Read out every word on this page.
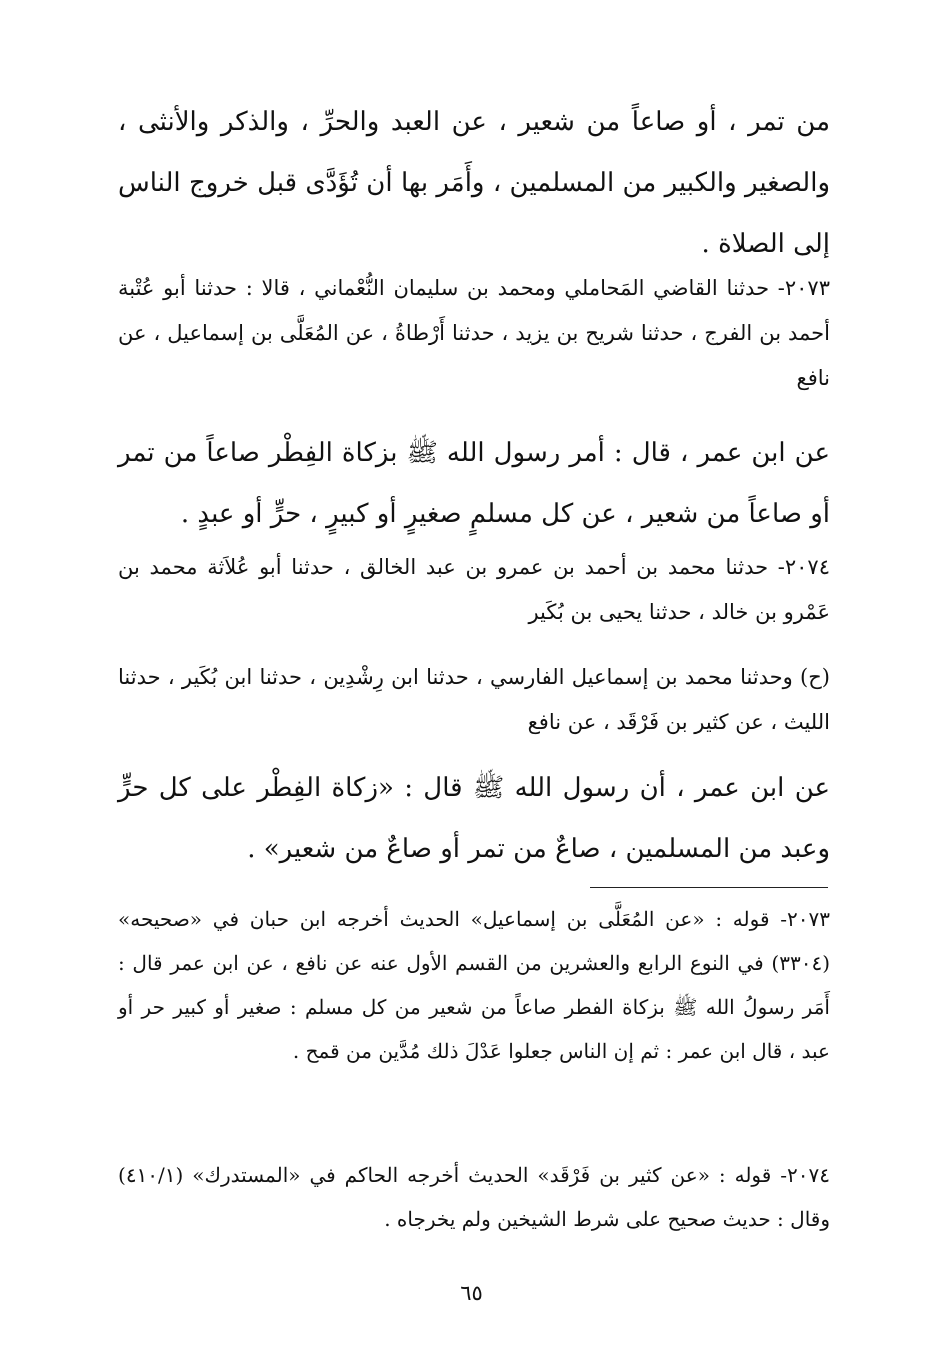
من تمر ، أو صاعاً من شعير ، عن العبد والحرِّ ، والذكر والأنثى ، والصغير والكبير من المسلمين ، وأَمَر بها أن تُؤَدَّى قبل خروج الناس إلى الصلاة .

٢٠٧٣- حدثنا القاضي المَحاملي ومحمد بن سليمان النُّعْماني ، قالا : حدثنا أبو عُتْبة أحمد بن الفرج ، حدثنا شريح بن يزيد ، حدثنا أَرْطاةُ ، عن المُعَلَّى بن إسماعيل ، عن نافع

عن ابن عمر ، قال : أمر رسول الله ﷺ بزكاة الفِطْر صاعاً من تمر أو صاعاً من شعير ، عن كل مسلمٍ صغيرٍ أو كبيرٍ ، حرٍّ أو عبدٍ .

٢٠٧٤- حدثنا محمد بن أحمد بن عمرو بن عبد الخالق ، حدثنا أبو عُلاَثة محمد بن عَمْرو بن خالد ، حدثنا يحيى بن بُكَير

(ح) وحدثنا محمد بن إسماعيل الفارسي ، حدثنا ابن رِشْدِين ، حدثنا ابن بُكَير ، حدثنا الليث ، عن كثير بن فَرْقَد ، عن نافع

عن ابن عمر ، أن رسول الله ﷺ قال : «زكاة الفِطْر على كل حرٍّ وعبد من المسلمين ، صاعٌ من تمر أو صاعٌ من شعير» .

٢٠٧٣- قوله : «عن المُعَلَّى بن إسماعيل» الحديث أخرجه ابن حبان في «صحيحه» (٣٣٠٤) في النوع الرابع والعشرين من القسم الأول عنه عن نافع ، عن ابن عمر قال : أَمَر رسولُ الله ﷺ بزكاة الفطر صاعاً من شعير من كل مسلم : صغير أو كبير حر أو عبد ، قال ابن عمر : ثم إن الناس جعلوا عَدْلَ ذلك مُدَّين من قمح .

٢٠٧٤- قوله : «عن كثير بن فَرْقَد» الحديث أخرجه الحاكم في «المستدرك» (٤١٠/١) وقال : حديث صحيح على شرط الشيخين ولم يخرجاه .

٦٥
